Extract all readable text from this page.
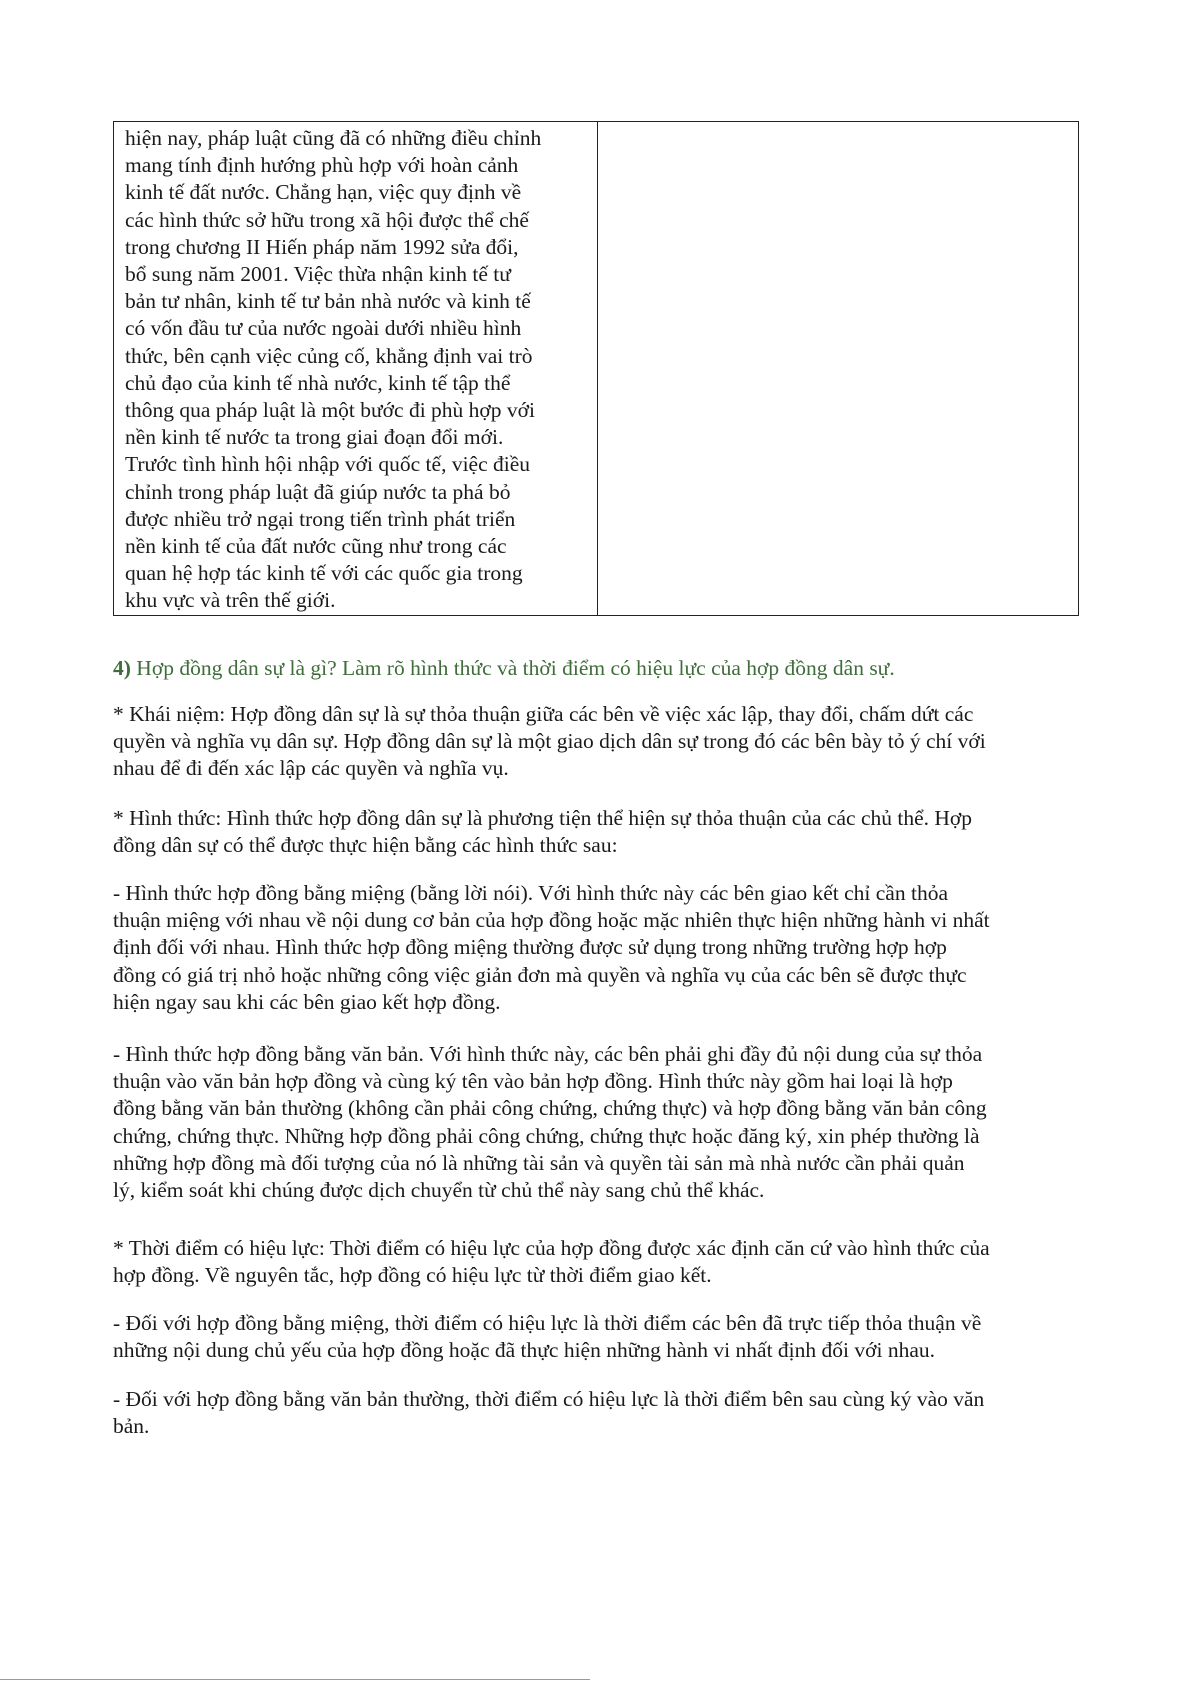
hiện nay, pháp luật cũng đã có những điều chỉnh
mang tính định hướng phù hợp với hoàn cảnh
kinh tế đất nước. Chẳng hạn, việc quy định về
các hình thức sở hữu trong xã hội được thể chế
trong chương II Hiến pháp năm 1992 sửa đổi,
bổ sung năm 2001. Việc thừa nhận kinh tế tư
bản tư nhân, kinh tế tư bản nhà nước và kinh tế
có vốn đầu tư của nước ngoài dưới nhiều hình
thức, bên cạnh việc củng cố, khẳng định vai trò
chủ đạo của kinh tế nhà nước, kinh tế tập thể
thông qua pháp luật là một bước đi phù hợp với
nền kinh tế nước ta trong giai đoạn đổi mới.
Trước tình hình hội nhập với quốc tế, việc điều
chỉnh trong pháp luật đã giúp nước ta phá bỏ
được nhiều trở ngại trong tiến trình phát triển
nền kinh tế của đất nước cũng như trong các
quan hệ hợp tác kinh tế với các quốc gia trong
khu vực và trên thế giới.

4) Hợp đồng dân sự là gì? Làm rõ hình thức và thời điểm có hiệu lực của hợp đồng dân sự.
* Khái niệm: Hợp đồng dân sự là sự thỏa thuận giữa các bên về việc xác lập, thay đổi, chấm dứt các
quyền và nghĩa vụ dân sự. Hợp đồng dân sự là một giao dịch dân sự trong đó các bên bày tỏ ý chí với
nhau để đi đến xác lập các quyền và nghĩa vụ.
* Hình thức: Hình thức hợp đồng dân sự là phương tiện thể hiện sự thỏa thuận của các chủ thể. Hợp
đồng dân sự có thể được thực hiện bằng các hình thức sau:
- Hình thức hợp đồng bằng miệng (bằng lời nói). Với hình thức này các bên giao kết chỉ cần thỏa
thuận miệng với nhau về nội dung cơ bản của hợp đồng hoặc mặc nhiên thực hiện những hành vi nhất
định đối với nhau. Hình thức hợp đồng miệng thường được sử dụng trong những trường hợp hợp
đồng có giá trị nhỏ hoặc những công việc giản đơn mà quyền và nghĩa vụ của các bên sẽ được thực
hiện ngay sau khi các bên giao kết hợp đồng.
- Hình thức hợp đồng bằng văn bản. Với hình thức này, các bên phải ghi đầy đủ nội dung của sự thỏa
thuận vào văn bản hợp đồng và cùng ký tên vào bản hợp đồng. Hình thức này gồm hai loại là hợp
đồng bằng văn bản thường (không cần phải công chứng, chứng thực) và hợp đồng bằng văn bản công
chứng, chứng thực. Những hợp đồng phải công chứng, chứng thực hoặc đăng ký, xin phép thường là
những hợp đồng mà đối tượng của nó là những tài sản và quyền tài sản mà nhà nước cần phải quản
lý, kiểm soát khi chúng được dịch chuyển từ chủ thể này sang chủ thể khác.
* Thời điểm có hiệu lực: Thời điểm có hiệu lực của hợp đồng được xác định căn cứ vào hình thức của
hợp đồng. Về nguyên tắc, hợp đồng có hiệu lực từ thời điểm giao kết.
- Đối với hợp đồng bằng miệng, thời điểm có hiệu lực là thời điểm các bên đã trực tiếp thỏa thuận về
những nội dung chủ yếu của hợp đồng hoặc đã thực hiện những hành vi nhất định đối với nhau.
- Đối với hợp đồng bằng văn bản thường, thời điểm có hiệu lực là thời điểm bên sau cùng ký vào văn
bản.
